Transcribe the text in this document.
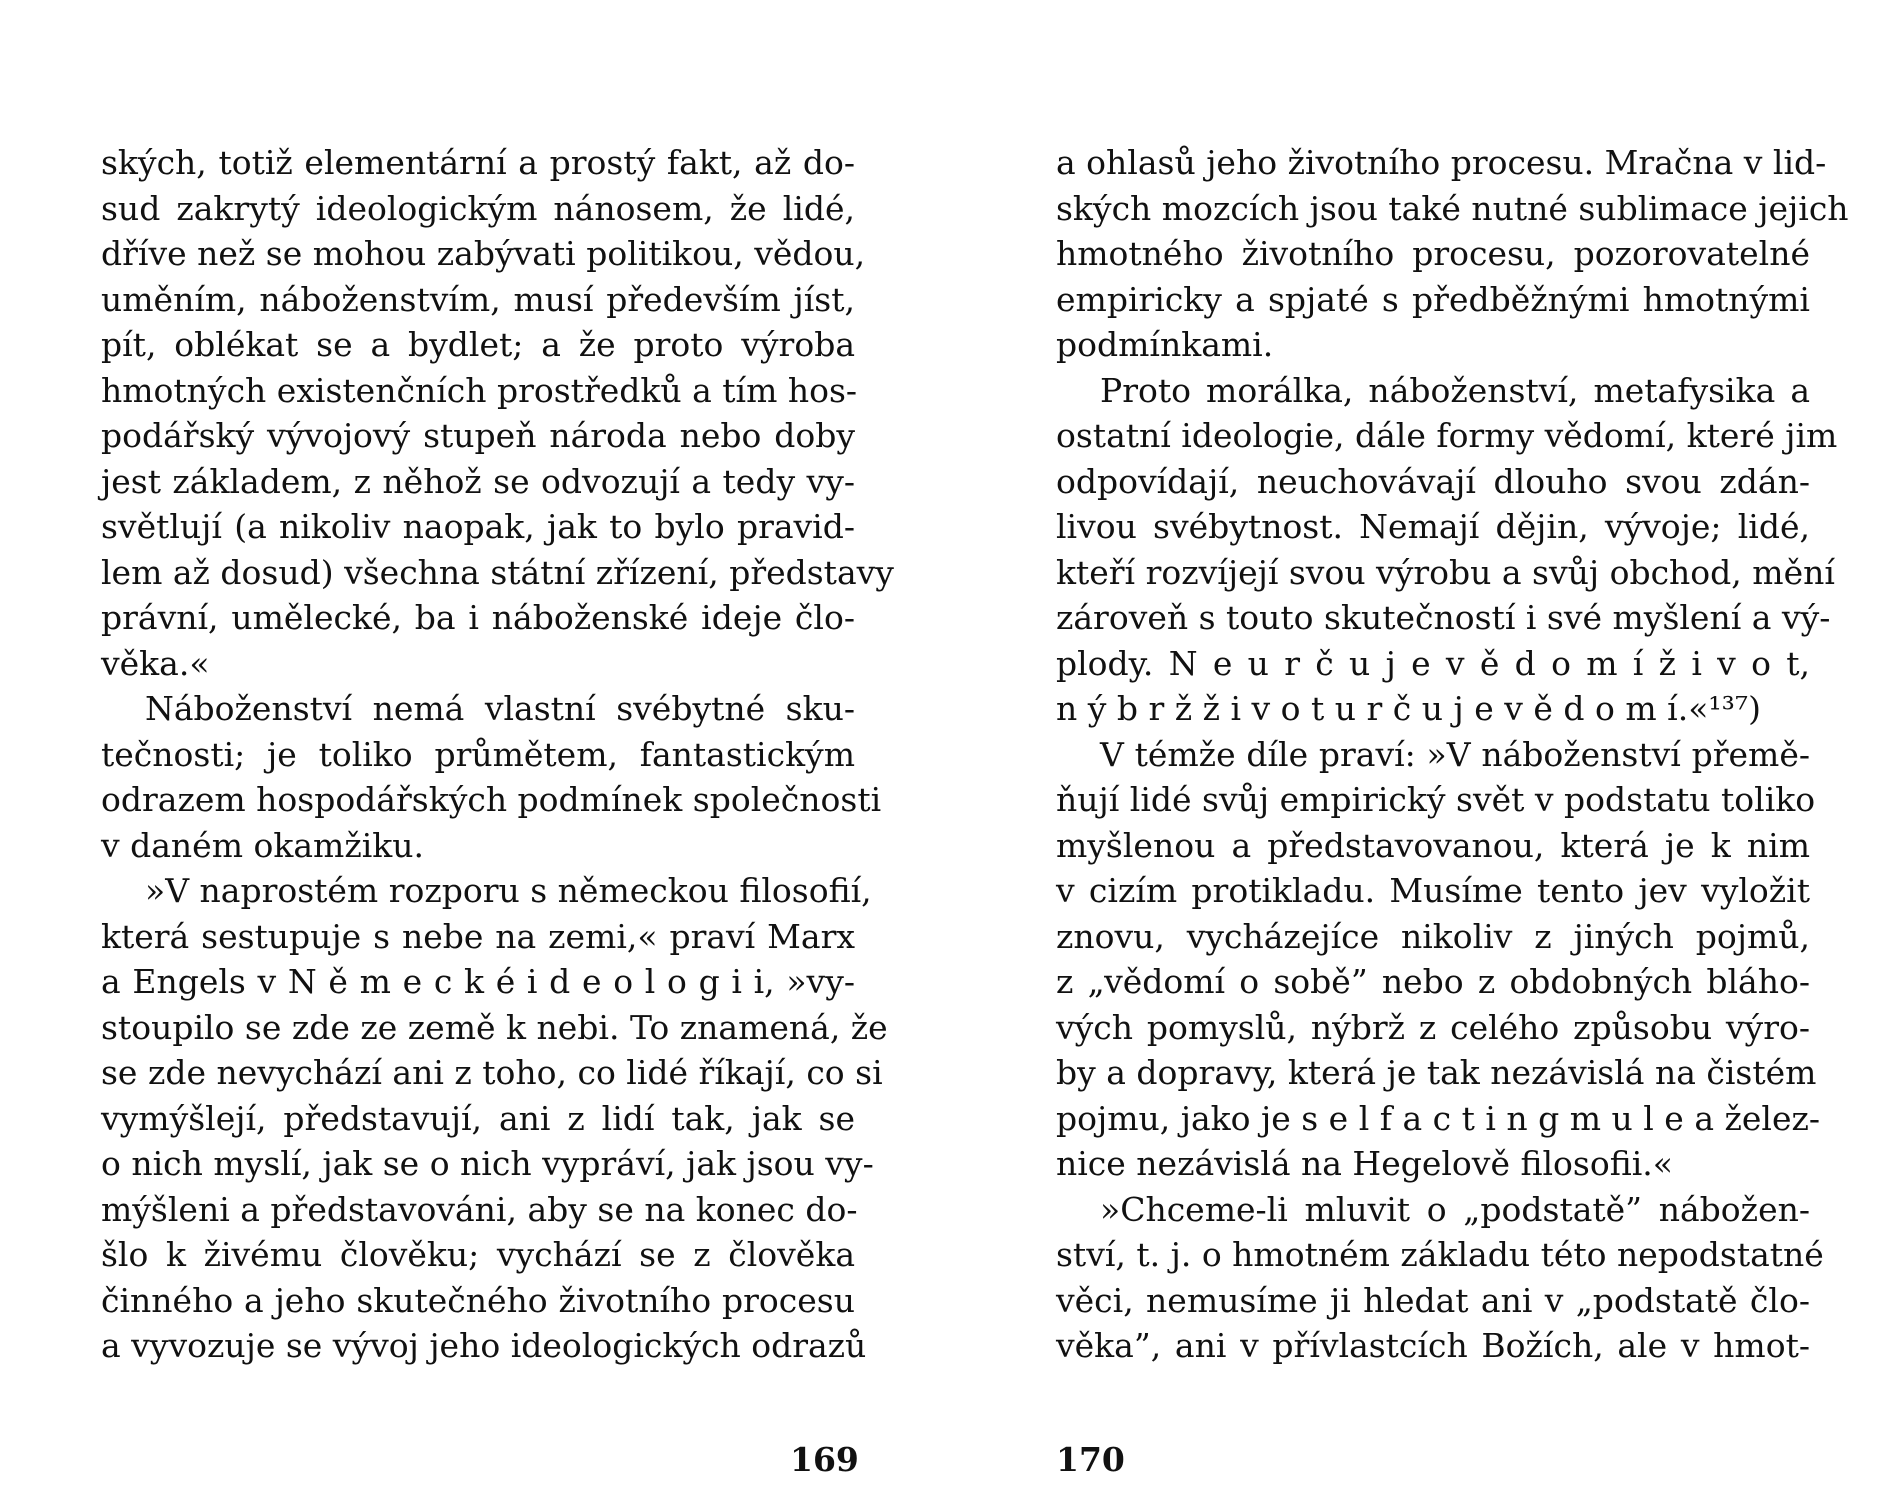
ských, totiž elementární a prostý fakt, až do-
sud zakrytý ideologickým nánosem, že lidé,
dříve než se mohou zabývati politikou, vědou,
uměním, náboženstvím, musí především jíst,
pít, oblékat se a bydlet; a že proto výroba
hmotných existenčních prostředků a tím hos-
podářský vývojový stupeň národa nebo doby
jest základem, z něhož se odvozují a tedy vy-
světlují (a nikoliv naopak, jak to bylo pravid-
lem až dosud) všechna státní zřízení, představy
právní, umělecké, ba i náboženské ideje člo-
věka.«
Náboženství nemá vlastní svébytné sku-
tečnosti; je toliko průmětem, fantastickým
odrazem hospodářských podmínek společnosti
v daném okamžiku.
»V naprostém rozporu s německou filosofií,
která sestupuje s nebe na zemi,« praví Marx
a Engels v N ě m e c k é i d e o l o g i i, »vy-
stoupilo se zde ze země k nebi. To znamená, že
se zde nevychází ani z toho, co lidé říkají, co si
vymýšlejí, představují, ani z lidí tak, jak se
o nich myslí, jak se o nich vypráví, jak jsou vy-
mýšleni a představováni, aby se na konec do-
šlo k živému člověku; vychází se z člověka
činného a jeho skutečného životního procesu
a vyvozuje se vývoj jeho ideologických odrazů
a ohlasů jeho životního procesu. Mračna v lid-
ských mozcích jsou také nutné sublimace jejich
hmotného životního procesu, pozorovatelné
empiricky a spjaté s předběžnými hmotnými
podmínkami.
Proto morálka, náboženství, metafysika a
ostatní ideologie, dále formy vědomí, které jim
odpovídají, neuchovávají dlouho svou zdán-
livou svébytnost. Nemají dějin, vývoje; lidé,
kteří rozvíjejí svou výrobu a svůj obchod, mění
zároveň s touto skutečností i své myšlení a vý-
plody. N e u r č u j e v ě d o m í ž i v o t,
n ý b r ž ž i v o t u r č u j e v ě d o m í.«¹³⁷)
V témže díle praví: »V náboženství přemě-
ňují lidé svůj empirický svět v podstatu toliko
myšlenou a představovanou, která je k nim
v cizím protikladu. Musíme tento jev vyložit
znovu, vycházejíce nikoliv z jiných pojmů,
z „vědomí o sobě” nebo z obdobných bláho-
vých pomyslů, nýbrž z celého způsobu výro-
by a dopravy, která je tak nezávislá na čistém
pojmu, jako je s e l f a c t i n g m u l e a želez-
nice nezávislá na Hegelově filosofii.«
»Chceme-li mluvit o „podstatě” nábožen-
ství, t. j. o hmotném základu této nepodstatné
věci, nemusíme ji hledat ani v „podstatě člo-
věka”, ani v přívlastcích Božích, ale v hmot-
169	170
